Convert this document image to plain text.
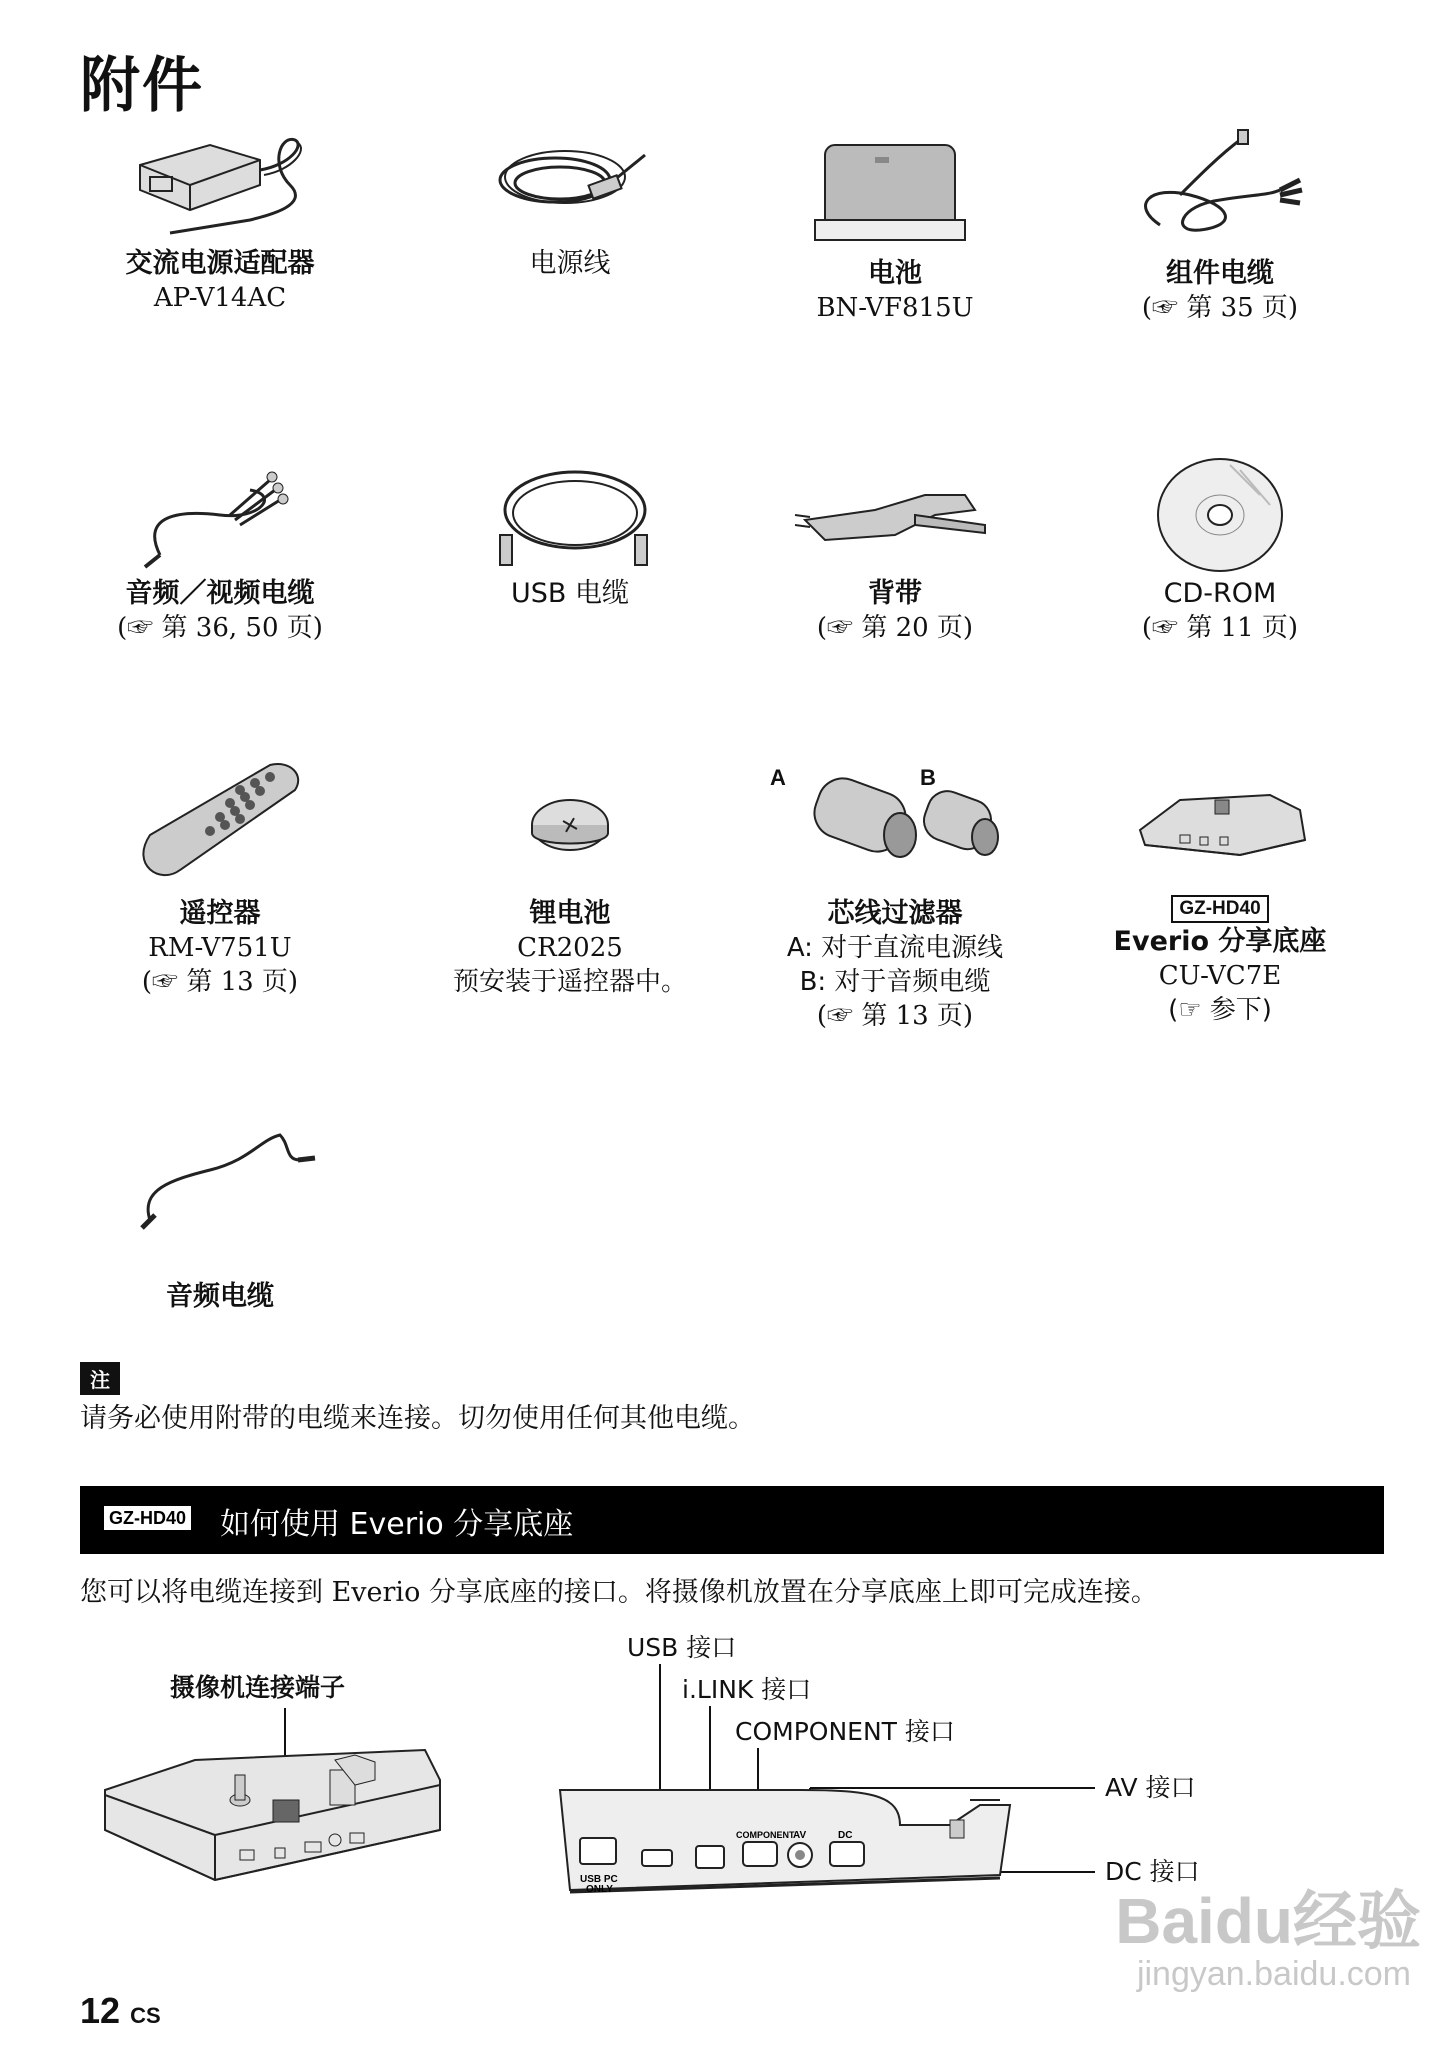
附件
交流电源适配器
AP-V14AC
电源线	电池
BN-VF815U
组件电缆
(☞ 第 35 页)
音频／视频电缆
(☞ 第 36, 50 页)
USB 电缆	背带
(☞ 第 20 页)
CD-ROM
(☞ 第 11 页)
遥控器
RM-V751U
(☞ 第 13 页)
锂电池
CR2025
预安装于遥控器中。
A	B
芯线过滤器
A: 对于直流电源线
B: 对于音频电缆
(☞ 第 13 页)
GZ-HD40
Everio 分享底座
CU-VC7E
(☞ 参下)
音频电缆
注
请务必使用附带的电缆来连接。切勿使用任何其他电缆。
GZ-HD40 如何使用 Everio 分享底座
您可以将电缆连接到 Everio 分享底座的接口。将摄像机放置在分享底座上即可完成连接。
摄像机连接端子
USB 接口
i.LINK 接口
COMPONENT 接口
AV 接口
DC 接口
USB PC
ONLY
COMPONENT
AV	DC
12 CS
Baidu经验
jingyan.baidu.com
